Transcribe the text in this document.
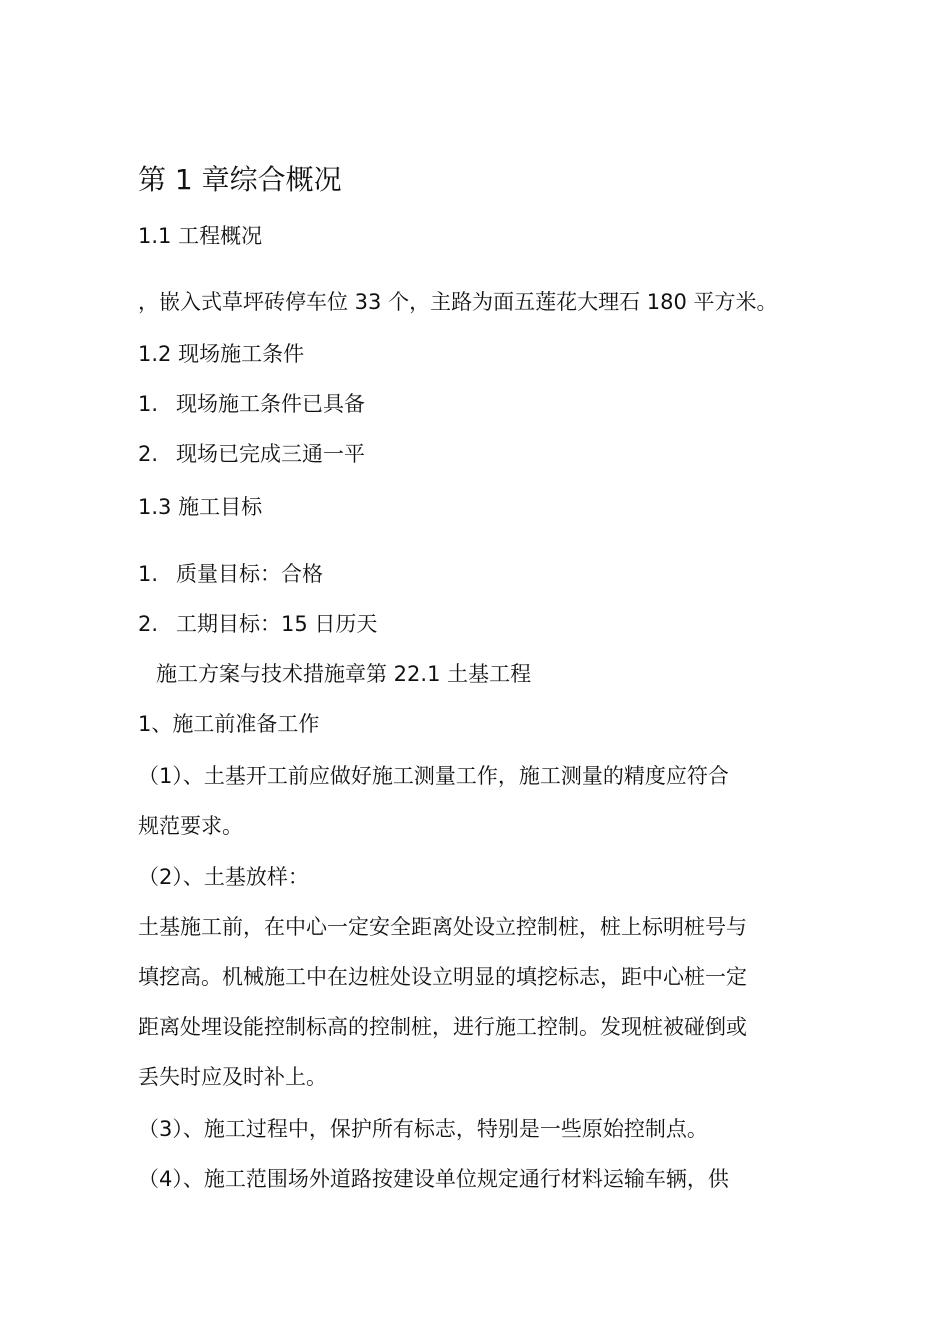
第 1 章综合概况
1.1 工程概况
，嵌入式草坪砖停车位 33 个，主路为面五莲花大理石 180 平方米。
1.2 现场施工条件
1. 现场施工条件已具备
2. 现场已完成三通一平
1.3 施工目标
1. 质量目标：合格
2. 工期目标：15 日历天
施工方案与技术措施章第 22.1 土基工程
1、施工前准备工作
（1）、土基开工前应做好施工测量工作，施工测量的精度应符合
规范要求。
（2）、土基放样：
土基施工前，在中心一定安全距离处设立控制桩，桩上标明桩号与
填挖高。机械施工中在边桩处设立明显的填挖标志，距中心桩一定
距离处埋设能控制标高的控制桩，进行施工控制。发现桩被碰倒或
丢失时应及时补上。
（3）、施工过程中，保护所有标志，特别是一些原始控制点。
（4）、施工范围场外道路按建设单位规定通行材料运输车辆，供
